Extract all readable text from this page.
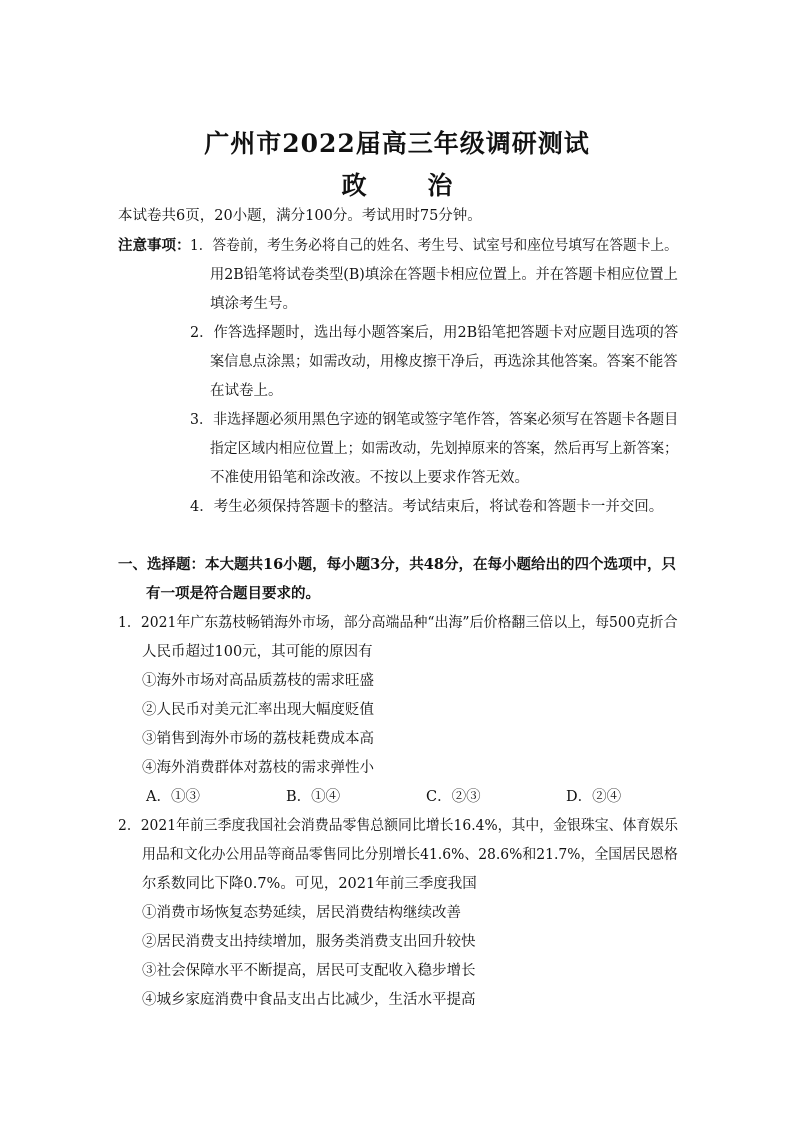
广州市2022届高三年级调研测试
政 治
本试卷共6页，20小题，满分100分。考试用时75分钟。
注意事项： 1．答卷前，考生务必将自己的姓名、考生号、试室号和座位号填写在答题卡上。
用2B铅笔将试卷类型(B)填涂在答题卡相应位置上。并在答题卡相应位置上
填涂考生号。
2．作答选择题时，选出每小题答案后，用2B铅笔把答题卡对应题目选项的答
案信息点涂黑；如需改动，用橡皮擦干净后，再选涂其他答案。答案不能答
在试卷上。
3．非选择题必须用黑色字迹的钢笔或签字笔作答，答案必须写在答题卡各题目
指定区域内相应位置上；如需改动，先划掉原来的答案，然后再写上新答案；
不准使用铅笔和涂改液。不按以上要求作答无效。
4．考生必须保持答题卡的整洁。考试结束后，将试卷和答题卡一并交回。
一、选择题：本大题共16小题，每小题3分，共48分，在每小题给出的四个选项中，只
有一项是符合题目要求的。
1．2021年广东荔枝畅销海外市场，部分高端品种“出海”后价格翻三倍以上，每500克折合
人民币超过100元，其可能的原因有
①海外市场对高品质荔枝的需求旺盛
②人民币对美元汇率出现大幅度贬值
③销售到海外市场的荔枝耗费成本高
④海外消费群体对荔枝的需求弹性小
A．①③	B．①④	C．②③	D．②④
2．2021年前三季度我国社会消费品零售总额同比增长16.4%，其中，金银珠宝、体育娱乐
用品和文化办公用品等商品零售同比分别增长41.6%、28.6%和21.7%，全国居民恩格
尔系数同比下降0.7%。可见，2021年前三季度我国
①消费市场恢复态势延续，居民消费结构继续改善
②居民消费支出持续增加，服务类消费支出回升较快
③社会保障水平不断提高，居民可支配收入稳步增长
④城乡家庭消费中食品支出占比减少，生活水平提高
